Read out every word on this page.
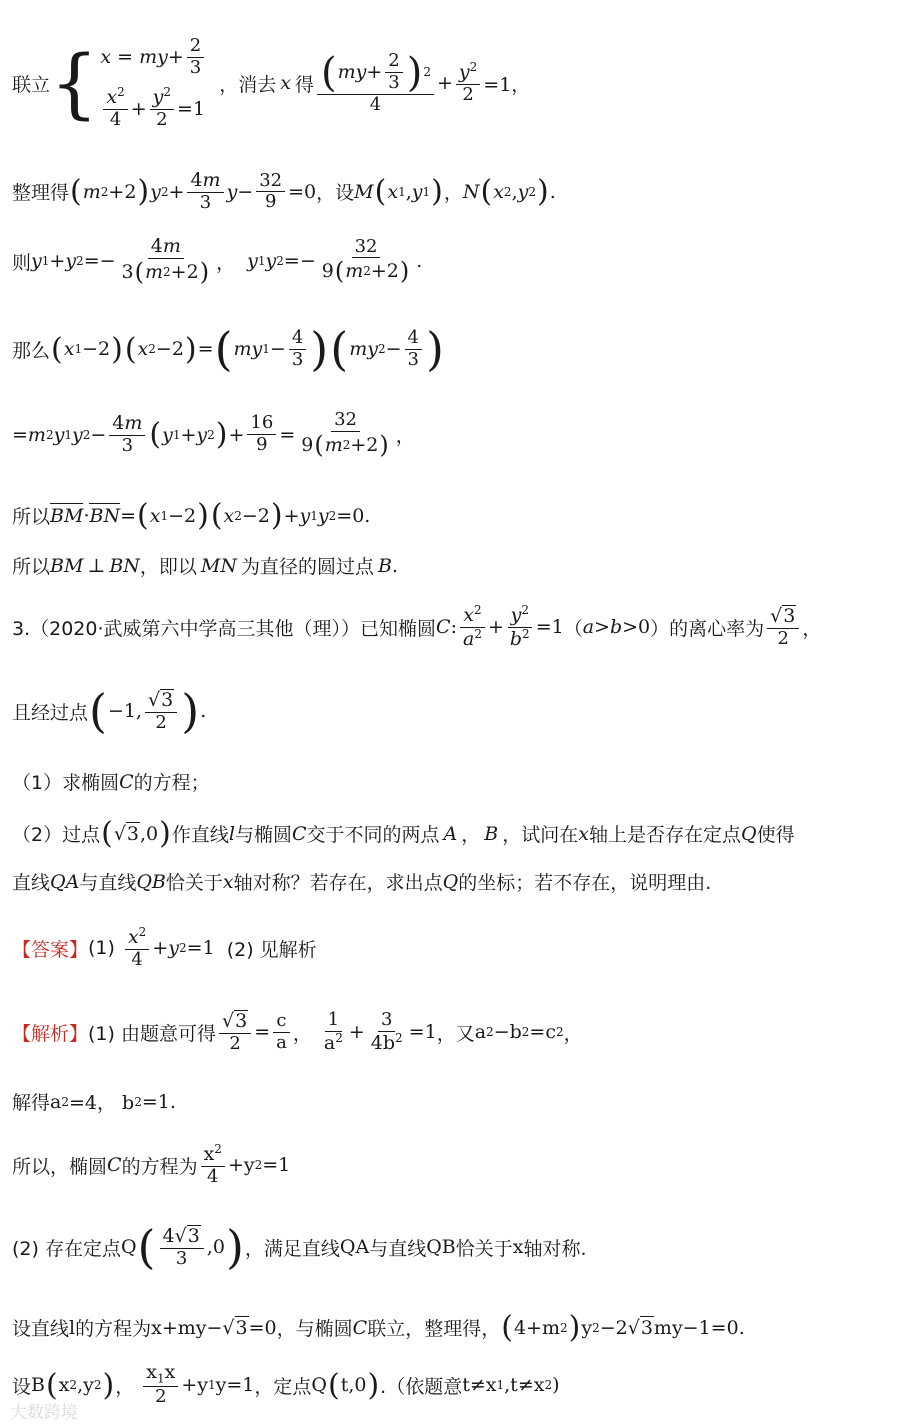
联立 { x = my + $\frac{2}{3}$
$\frac{x^2}{4} + \frac{y^2}{2} =1$
，消去 x 得 $\frac{( my + \frac{2}{3} ) 2}{4} + \frac{y^2}{2} =1$，
整理得 ( m 2 +2 ) y $2 + \frac{4m}{3}$ $y - \frac{32}{9} =0$ ，设 M ( x 1 , y 1 ) ， N ( x 2 , y 2 ) .
则 y 1 + y $2 =- \frac{4m}{3 ( m 2 +2 )}$ ， y 1 y $2 =- \frac{32}{9 ( m 2 +2 )}$ .
那么 ( x 1 −2 ) ( x 2 −2 ) = ( my $1 - \frac{4}{3}$ ) ( my $2 - \frac{4}{3}$ )
= m 2 y 1 y $2 - \frac{4m}{3}$ ( y 1 + y 2 ) + $\frac{16}{9} = \frac{32}{9 ( m 2 +2 )}$ ，
所以 BM · BN = ( x 1 −2 ) ( x 2 −2 ) + y 1 y 2 =0.
所以 BM ⊥ BN ，即以 MN 为直径的圆过点 B.
3.（2020·武威第六中学高三其他（理））已知椭圆 C : $\frac{x^2}{a^2} + \frac{y^2}{b^2} =1$ （ a > b >0 ）的离心率为 $\frac{√ 3}{2}$ ，
且经过点 ( −1, $\frac{√ 3}{2}$ ) .
（1）求椭圆 C 的方程；
（2）过点 ( √ 3 ,0 ) 作直线 l 与椭圆 C 交于不同的两点 A ， B ，试问在 x 轴上是否存在定点 Q 使得
直线 QA 与直线 QB 恰关于 x 轴对称？若存在，求出点 Q 的坐标；若不存在，说明理由.
【答案】 $(1) \frac{x^2}{4} + y$ 2 =1 (2) 见解析
【解析】 (1) 由题意可得 $\frac{√ 3}{2} = \frac{c}{a}$ ， $\frac{1}{a^2} + \frac{3}{4b^2} =1$ ，又 a 2 −b 2 =c 2 ，
解得 a 2 =4， b 2 =1.
所以，椭圆 C 的方程为 $\frac{x^2}{4} +y$ 2 =1
(2) 存在定点 Q ( $\frac{4 √ 3}{3} ,0$ ) ，满足直线 QA 与直线 QB 恰关于 x 轴对称.
设直线 l 的方程为 x+my− √ 3 =0 ，与椭圆 C 联立，整理得， ( 4+m 2 ) y 2 −2 √ 3 my−1=0.
设 B ( x 2 ,y 2 ) ， $\frac{x_1x}{2} +y$ 1 y=1 ，定点 Q ( t,0 ) .（依题意 t≠x 1 ,t≠x 2 )
大数跨境
